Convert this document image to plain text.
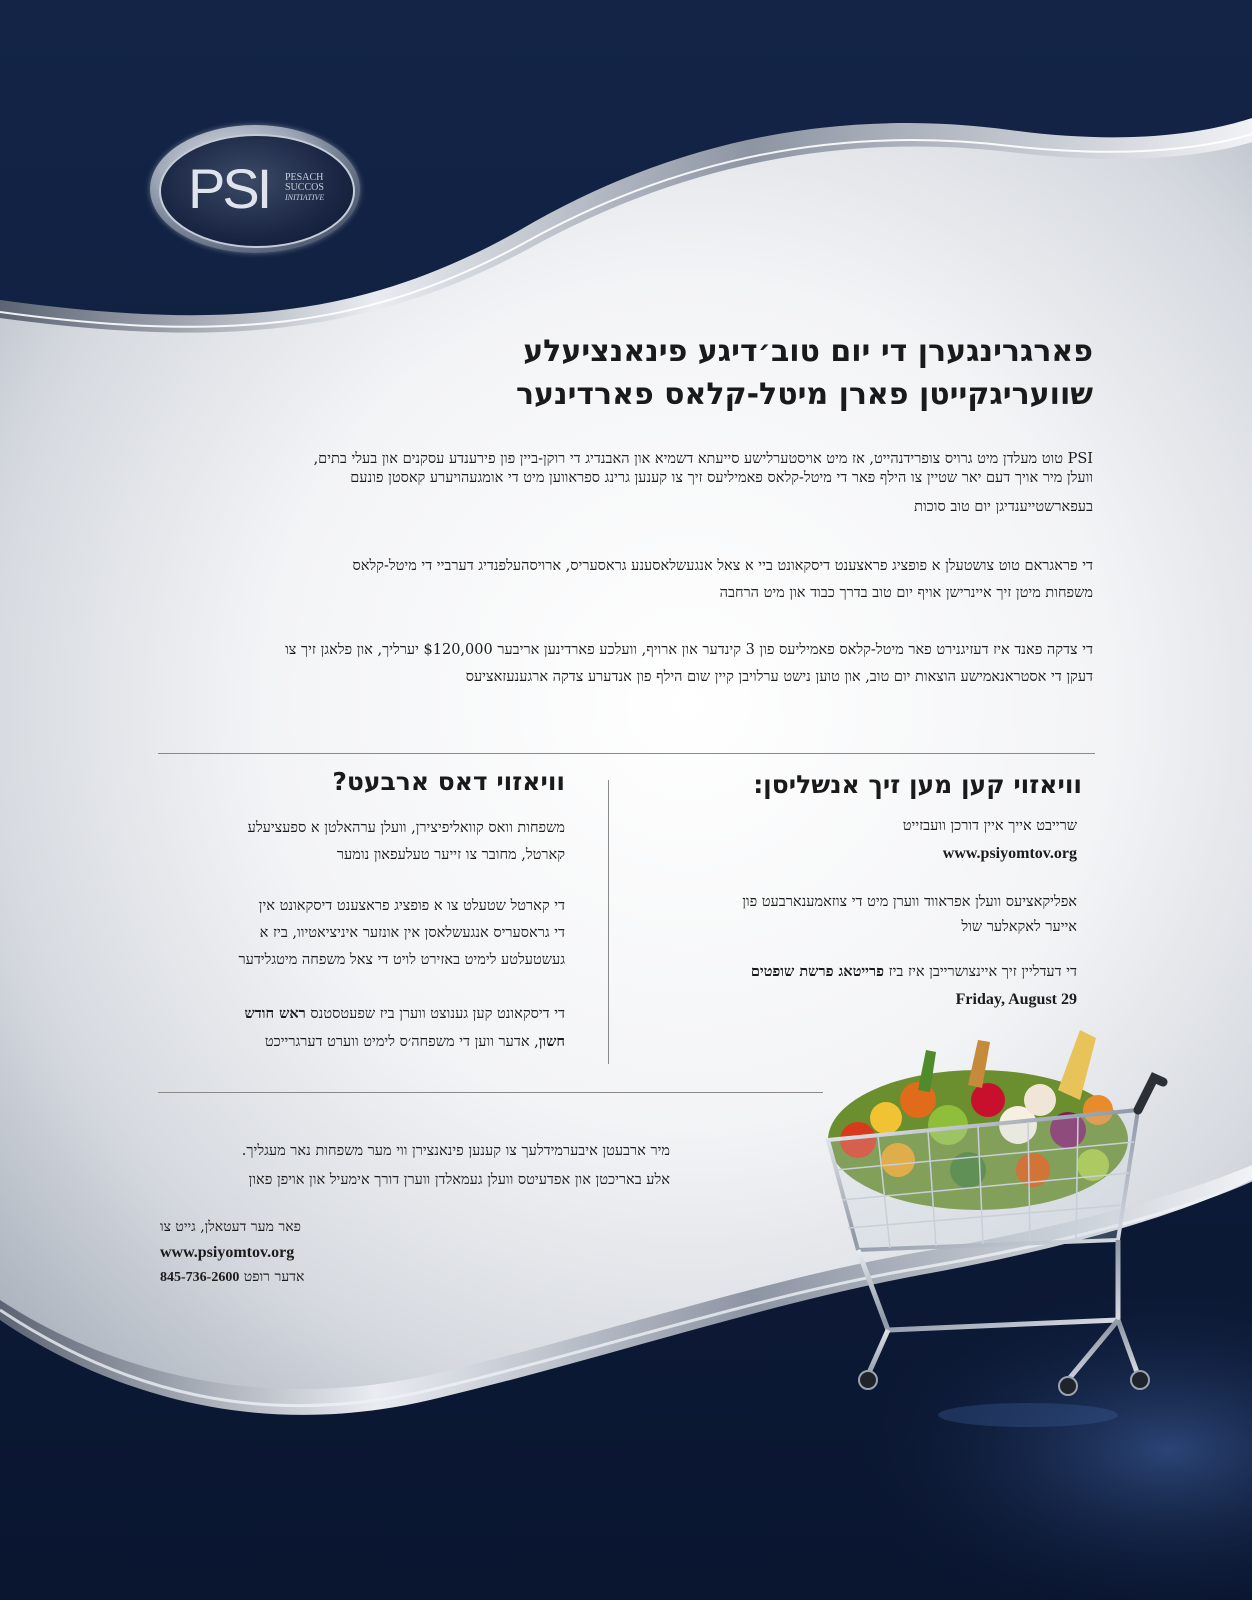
PSI PESACH
SUCCOS
INITIATIVE
פארגרינגערן די יום טוב׳דיגע פינאנציעלע
שוועריגקייטן פארן מיטל-קלאס פארדינער
PSI טוט מעלדן מיט גרויס צופרידנהייט, אז מיט אויסטערלישע סייעתא דשמיא און האבנדיג די רוקן-ביין פון פירענדע עסקנים און בעלי בתים,
וועלן מיר אויך דעם יאר שטיין צו הילף פאר די מיטל-קלאס פאמיליעס זיך צו קענען גרינג ספראווען מיט די אומגעהויערע קאסטן פונעם
בעפארשטייענדיגן יום טוב סוכות
די פראגראם טוט צושטעלן א פופציג פראצענט דיסקאונט ביי א צאל אנגעשלאסענע גראסעריס, ארויסהעלפנדיג דערביי די מיטל-קלאס
משפחות מיטן זיך איינרישן אויף יום טוב בדרך כבוד און מיט הרחבה
די צדקה פאנד איז דעזיגנירט פאר מיטל-קלאס פאמיליעס פון 3 קינדער און ארויף, וועלכע פארדינען אריבער $120,000 יערליך, און פלאגן זיך צו
דעקן די אסטראנאמישע הוצאות יום טוב, און טוען נישט ערלויבן קיין שום הילף פון אנדערע צדקה ארגענעזאציעס
וויאזוי קען מען זיך אנשליסן:
שרייבט אייך איין דורכן וועבזייט
www.psiyomtov.org
אפליקאציעס וועלן אפראווד ווערן מיט די צוזאמענארבעט פון
אייער לאקאלער שול
די דעדליין זיך איינצושרייבן איז ביז פרייטאג פרשת שופטים
Friday, August 29
וויאזוי דאס ארבעט?
משפחות וואס קוואליפיצירן, וועלן ערהאלטן א ספעציעלע
קארטל, מחובר צו זייער טעלעפאון נומער
די קארטל שטעלט צו א פופציג פראצענט דיסקאונט אין
די גראסעריס אנגעשלאסן אין אונזער איניציאטיוו, ביז א
געשטעלטע לימיט באזירט לויט די צאל משפחה מיטגלידער
די דיסקאונט קען גענוצט ווערן ביז שפעטסטנס ראש חודש
חשון, אדער ווען די משפחה׳ס לימיט ווערט דערגרייכט
מיר ארבעטן איבערמידלעך צו קענען פינאנצירן ווי מער משפחות נאר מעגליך.
אלע באריכטן און אפדעיטס וועלן געמאלדן ווערן דורך אימעיל און אויפן פאון
פאר מער דעטאלן, גייט צו
www.psiyomtov.org
845-736-2600 אדער רופט
